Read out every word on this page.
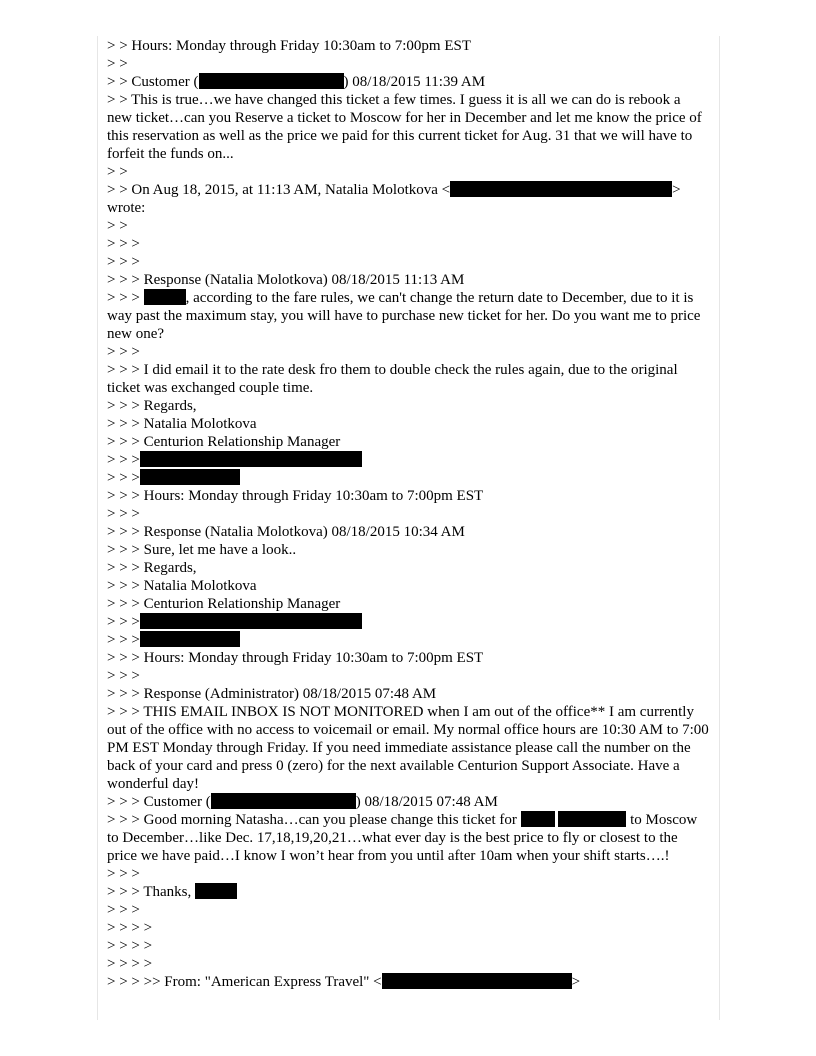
> > Hours: Monday through Friday 10:30am to 7:00pm EST
> >
> > Customer (	) 08/18/2015 11:39 AM
> > This is true…we have changed this ticket a few times. I guess it is all we can do is rebook a new ticket…can you Reserve a ticket to Moscow for her in December and let me know the price of this reservation as well as the price we paid for this current ticket for Aug. 31 that we will have to forfeit the funds on...
> >
> > On Aug 18, 2015, at 11:13 AM, Natalia Molotkova <	>
wrote:
> >
> > >
> > >
> > > Response (Natalia Molotkova) 08/18/2015 11:13 AM
> > >	, according to the fare rules, we can't change the return date to December, due to it is way past the maximum stay, you will have to purchase new ticket for her. Do you want me to price new one?
> > >
> > > I did email it to the rate desk fro them to double check the rules again, due to the original ticket was exchanged couple time.
> > > Regards,
> > > Natalia Molotkova
> > > Centurion Relationship Manager
> > >
> > >
> > > Hours: Monday through Friday 10:30am to 7:00pm EST
> > >
> > > Response (Natalia Molotkova) 08/18/2015 10:34 AM
> > > Sure, let me have a look..
> > > Regards,
> > > Natalia Molotkova
> > > Centurion Relationship Manager
> > >
> > >
> > > Hours: Monday through Friday 10:30am to 7:00pm EST
> > >
> > > Response (Administrator) 08/18/2015 07:48 AM
> > > THIS EMAIL INBOX IS NOT MONITORED when I am out of the office** I am currently out of the office with no access to voicemail or email. My normal office hours are 10:30 AM to 7:00 PM EST Monday through Friday. If you need immediate assistance please call the number on the back of your card and press 0 (zero) for the next available Centurion Support Associate. Have a wonderful day!
> > > Customer (	) 08/18/2015 07:48 AM
> > > Good morning Natasha…can you please change this ticket for	to Moscow to December…like Dec. 17,18,19,20,21…what ever day is the best price to fly or closest to the price we have paid…I know I won’t hear from you until after 10am when your shift starts….!
> > >
> > > Thanks,
> > >
> > > >
> > > >
> > > >
> > > >> From: "American Express Travel" <	>
